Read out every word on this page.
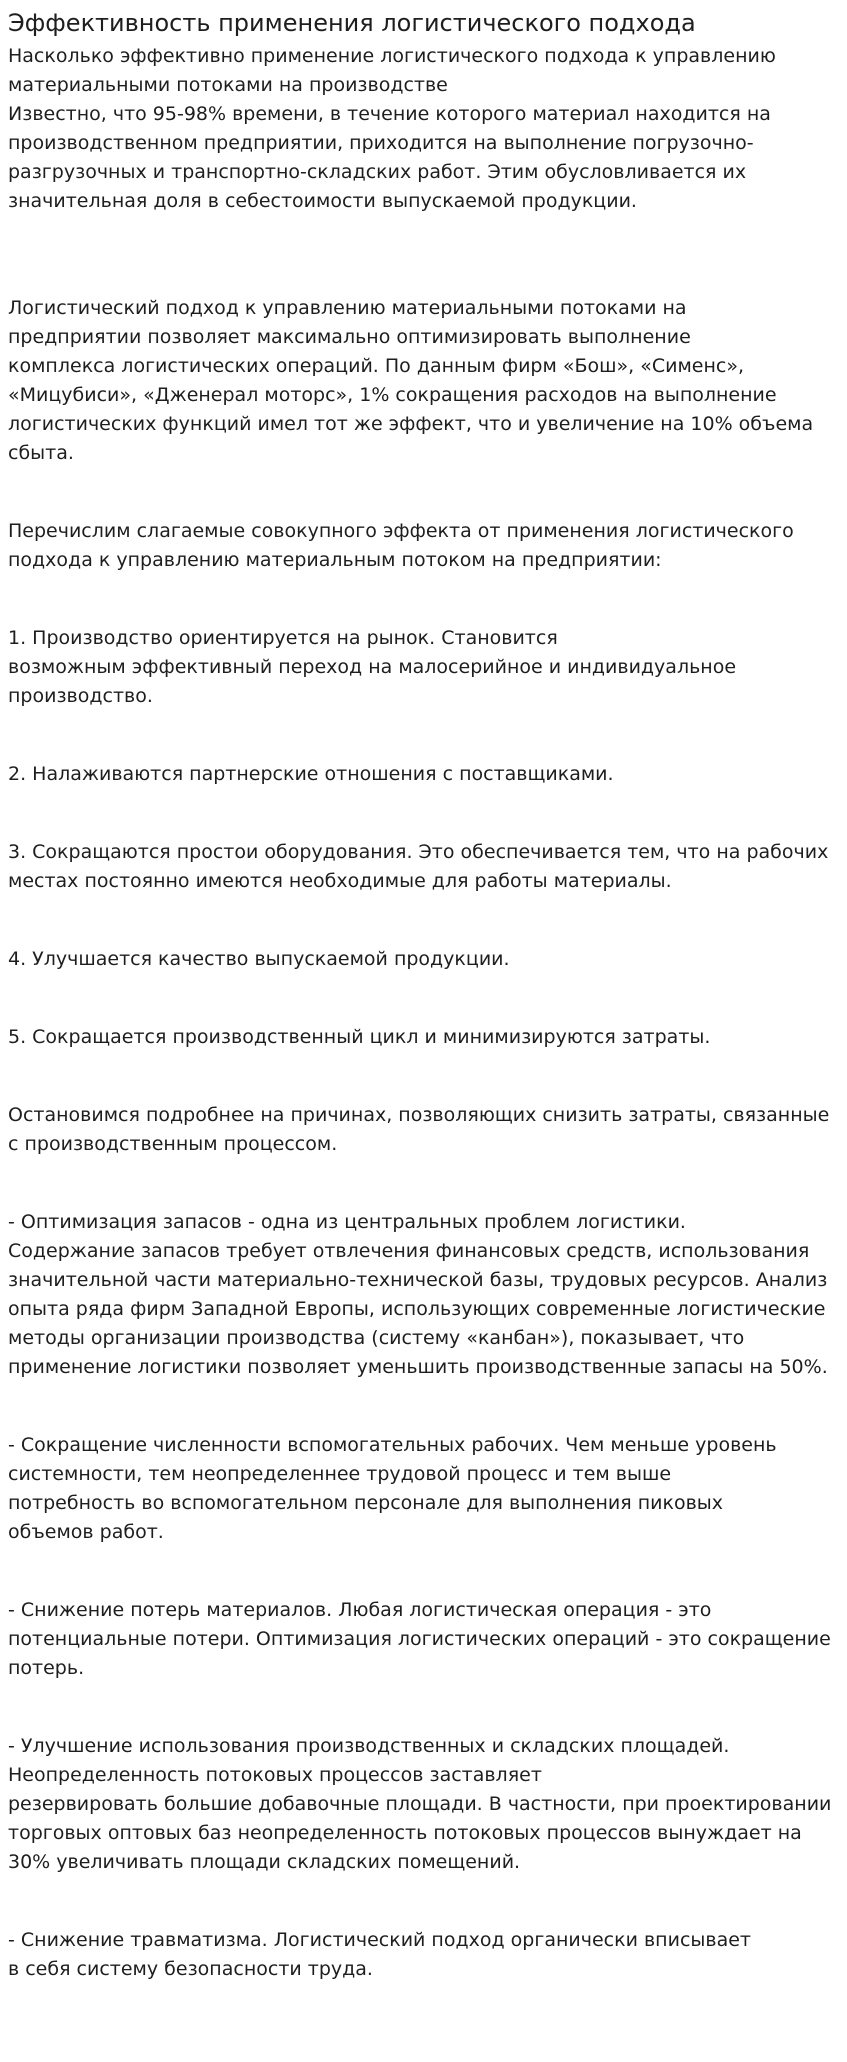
Эффективность применения логистического подхода

Насколько эффективно применение логистического подхода к управлению
материальными потоками на производстве

Известно, что 95-98% времени, в течение которого материал находится на
производственном предприятии, приходится на выполнение погрузочно-
разгрузочных и транспортно-складских работ. Этим обусловливается их
значительная доля в себестоимости выпускаемой продукции.

Логистический подход к управлению материальными потоками на
предприятии позволяет максимально оптимизировать выполнение
комплекса логистических операций. По данным фирм «Бош», «Сименс»,
«Мицубиси», «Дженерал моторс», 1% сокращения расходов на выполнение
логистических функций имел тот же эффект, что и увеличение на 10% объема
сбыта.

Перечислим слагаемые совокупного эффекта от применения логистического
подхода к управлению материальным потоком на предприятии:

1. Производство ориентируется на рынок. Становится
возможным эффективный переход на малосерийное и индивидуальное
производство.

2. Налаживаются партнерские отношения с поставщиками.

3. Сокращаются простои оборудования. Это обеспечивается тем, что на рабочих
местах постоянно имеются необходимые для работы материалы.

4. Улучшается качество выпускаемой продукции.

5. Сокращается производственный цикл и минимизируются затраты.

Остановимся подробнее на причинах, позволяющих снизить затраты, связанные
с производственным процессом.

- Оптимизация запасов - одна из центральных проблем логистики.
Содержание запасов требует отвлечения финансовых средств, использования
значительной части материально-технической базы, трудовых ресурсов. Анализ
опыта ряда фирм Западной Европы, использующих современные логистические
методы организации производства (систему «канбан»), показывает, что
применение логистики позволяет уменьшить производственные запасы на 50%.

- Сокращение численности вспомогательных рабочих. Чем меньше уровень
системности, тем неопределеннее трудовой процесс и тем выше
потребность во вспомогательном персонале для выполнения пиковых
объемов работ.

- Снижение потерь материалов. Любая логистическая операция - это
потенциальные потери. Оптимизация логистических операций - это сокращение
потерь.

- Улучшение использования производственных и складских площадей.
Неопределенность потоковых процессов заставляет
резервировать большие добавочные площади. В частности, при проектировании
торговых оптовых баз неопределенность потоковых процессов вынуждает на
30% увеличивать площади складских помещений.

- Снижение травматизма. Логистический подход органически вписывает
в себя систему безопасности труда.
